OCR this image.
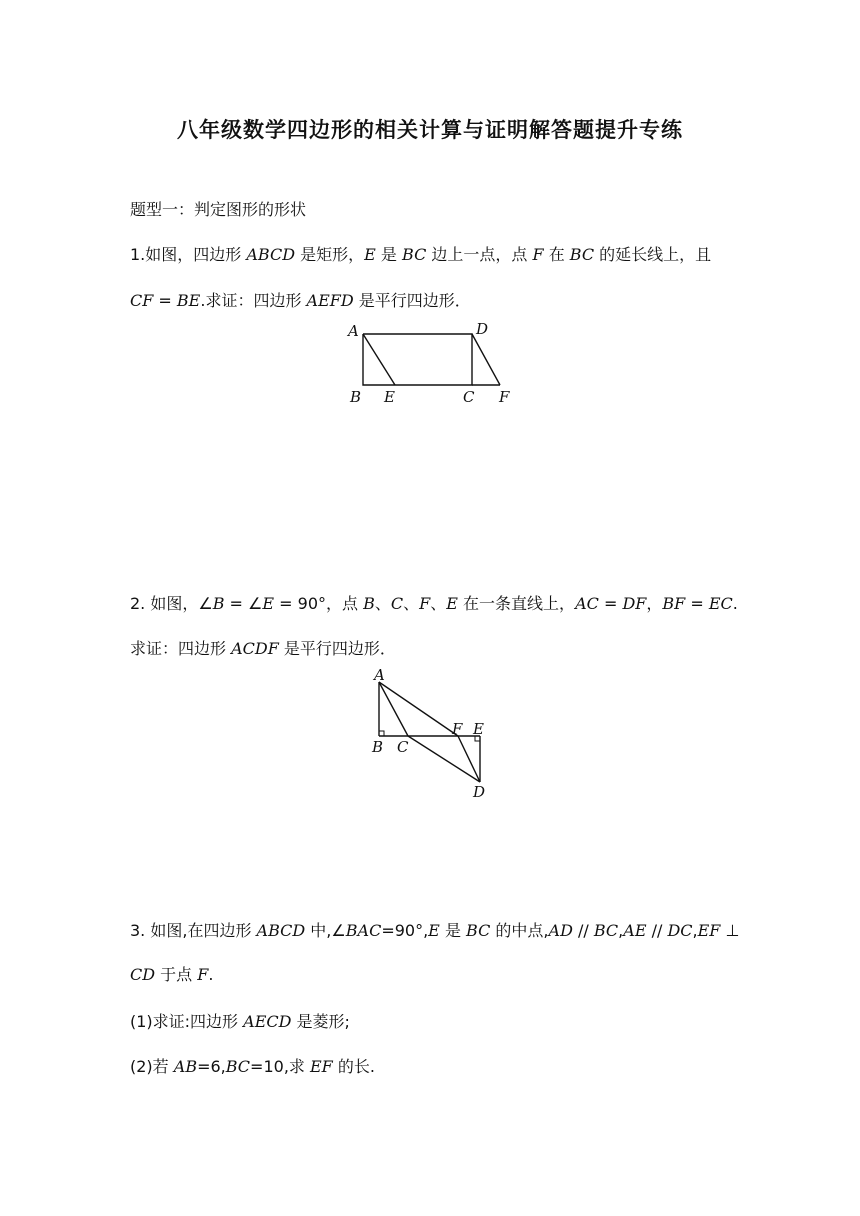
八年级数学四边形的相关计算与证明解答题提升专练
题型一：判定图形的形状
1.如图，四边形 ABCD 是矩形，E 是 BC 边上一点，点 F 在 BC 的延长线上，且
CF = BE.求证：四边形 AEFD 是平行四边形．
A	D
B E	C F
2. 如图，∠B = ∠E = 90°，点 B、C、F、E 在一条直线上，AC = DF，BF = EC.
求证：四边形 ACDF 是平行四边形．
A
B C
F E
D
3. 如图,在四边形 ABCD 中,∠BAC=90°,E 是 BC 的中点,AD // BC,AE // DC,EF ⊥
CD 于点 F.
(1)求证:四边形 AECD 是菱形;
(2)若 AB=6,BC=10,求 EF 的长.
